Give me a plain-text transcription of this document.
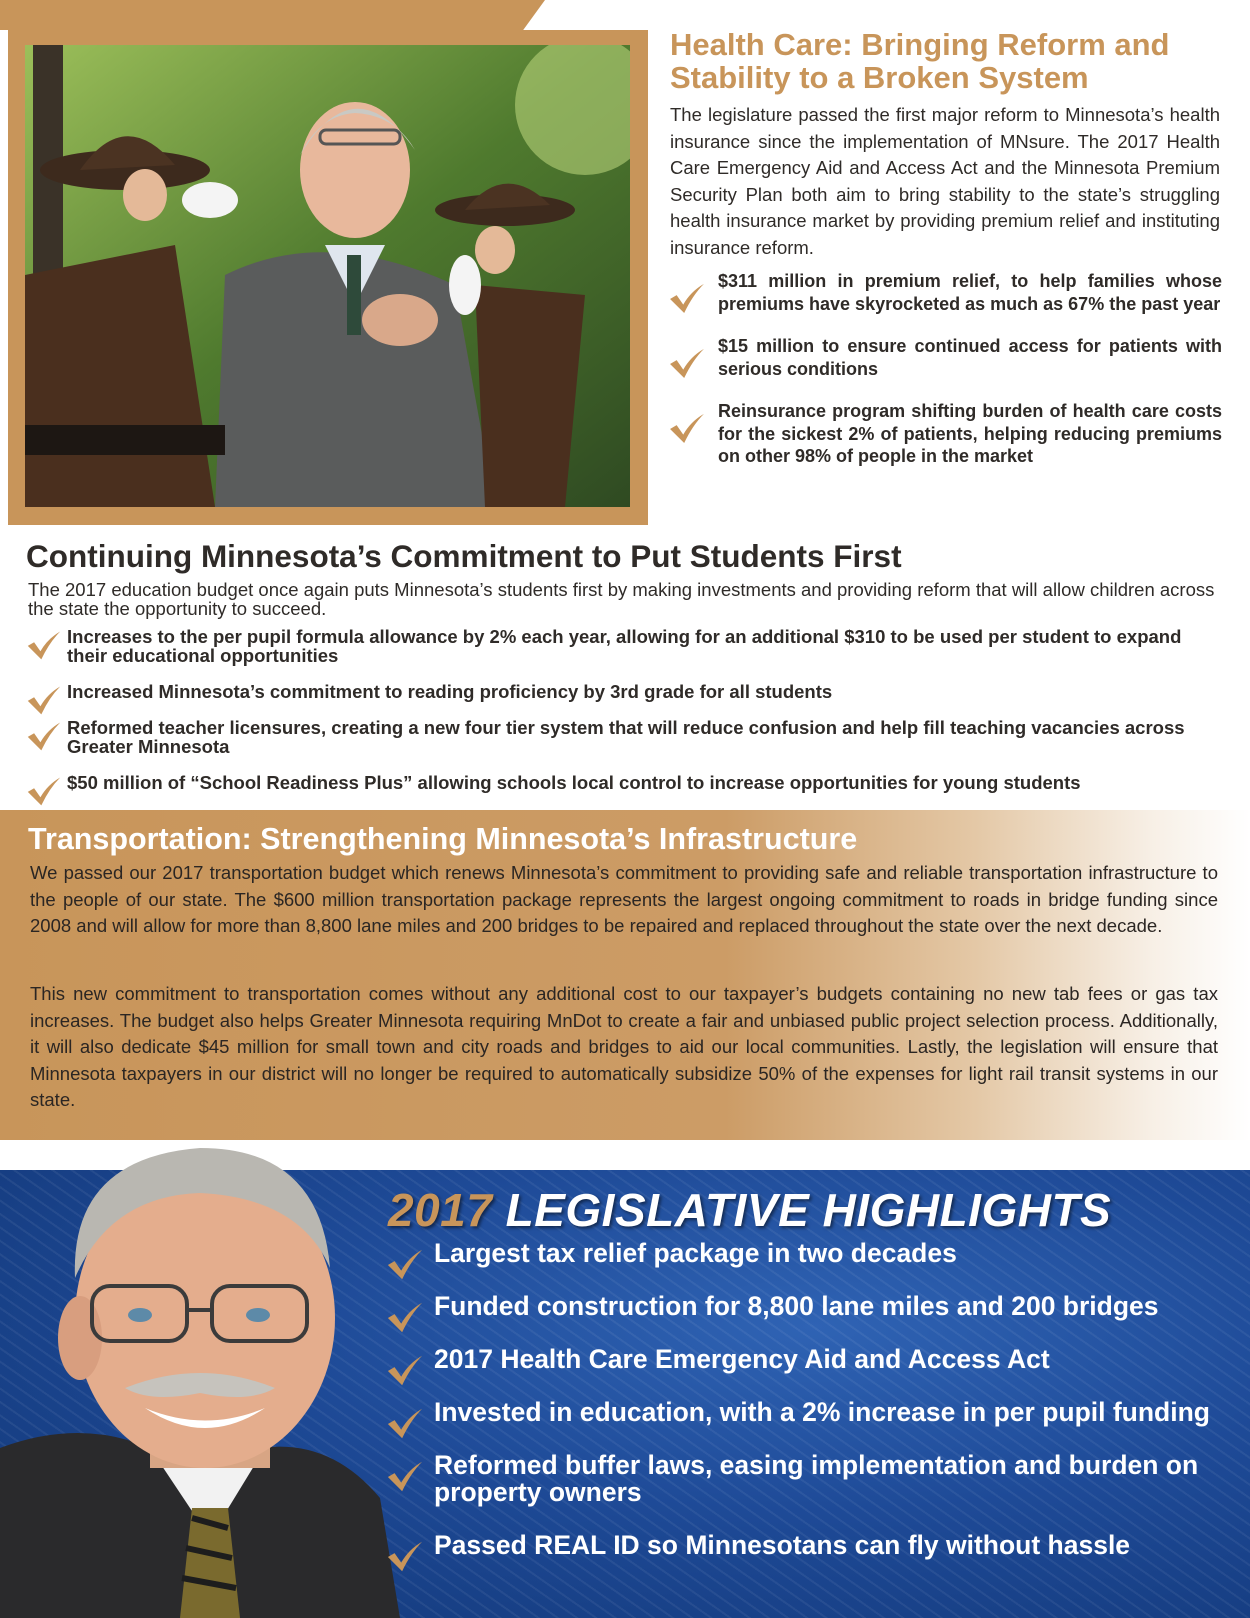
Health Care: Bringing Reform and Stability to a Broken System

The legislature passed the first major reform to Minnesota’s health insurance since the implementation of MNsure. The 2017 Health Care Emergency Aid and Access Act and the Minnesota Premium Security Plan both aim to bring stability to the state’s struggling health insurance market by providing premium relief and instituting insurance reform.

$311 million in premium relief, to help families whose premiums have skyrocketed as much as 67% the past year
$15 million to ensure continued access for patients with serious conditions
Reinsurance program shifting burden of health care costs for the sickest 2% of patients, helping reducing premiums on other 98% of people in the market
Continuing Minnesota’s Commitment to Put Students First

The 2017 education budget once again puts Minnesota’s students first by making investments and providing reform that will allow children across the state the opportunity to succeed.

Increases to the per pupil formula allowance by 2% each year, allowing for an additional $310 to be used per student to expand their educational opportunities
Increased Minnesota’s commitment to reading proficiency by 3rd grade for all students
Reformed teacher licensures, creating a new four tier system that will reduce confusion and help fill teaching vacancies across Greater Minnesota
$50 million of “School Readiness Plus” allowing schools local control to increase opportunities for young students
Transportation: Strengthening Minnesota’s Infrastructure

We passed our 2017 transportation budget which renews Minnesota’s commitment to providing safe and reliable transportation infrastructure to the people of our state. The $600 million transportation package represents the largest ongoing commitment to roads in bridge funding since 2008 and will allow for more than 8,800 lane miles and 200 bridges to be repaired and replaced throughout the state over the next decade.

This new commitment to transportation comes without any additional cost to our taxpayer’s budgets containing no new tab fees or gas tax increases. The budget also helps Greater Minnesota requiring MnDot to create a fair and unbiased public project selection process. Additionally, it will also dedicate $45 million for small town and city roads and bridges to aid our local communities. Lastly, the legislation will ensure that Minnesota taxpayers in our district will no longer be required to automatically subsidize 50% of the expenses for light rail transit systems in our state.

2017 LEGISLATIVE HIGHLIGHTS
Largest tax relief package in two decades
Funded construction for 8,800 lane miles and 200 bridges
2017 Health Care Emergency Aid and Access Act
Invested in education, with a 2% increase in per pupil funding
Reformed buffer laws, easing implementation and burden on property owners
Passed REAL ID so Minnesotans can fly without hassle
